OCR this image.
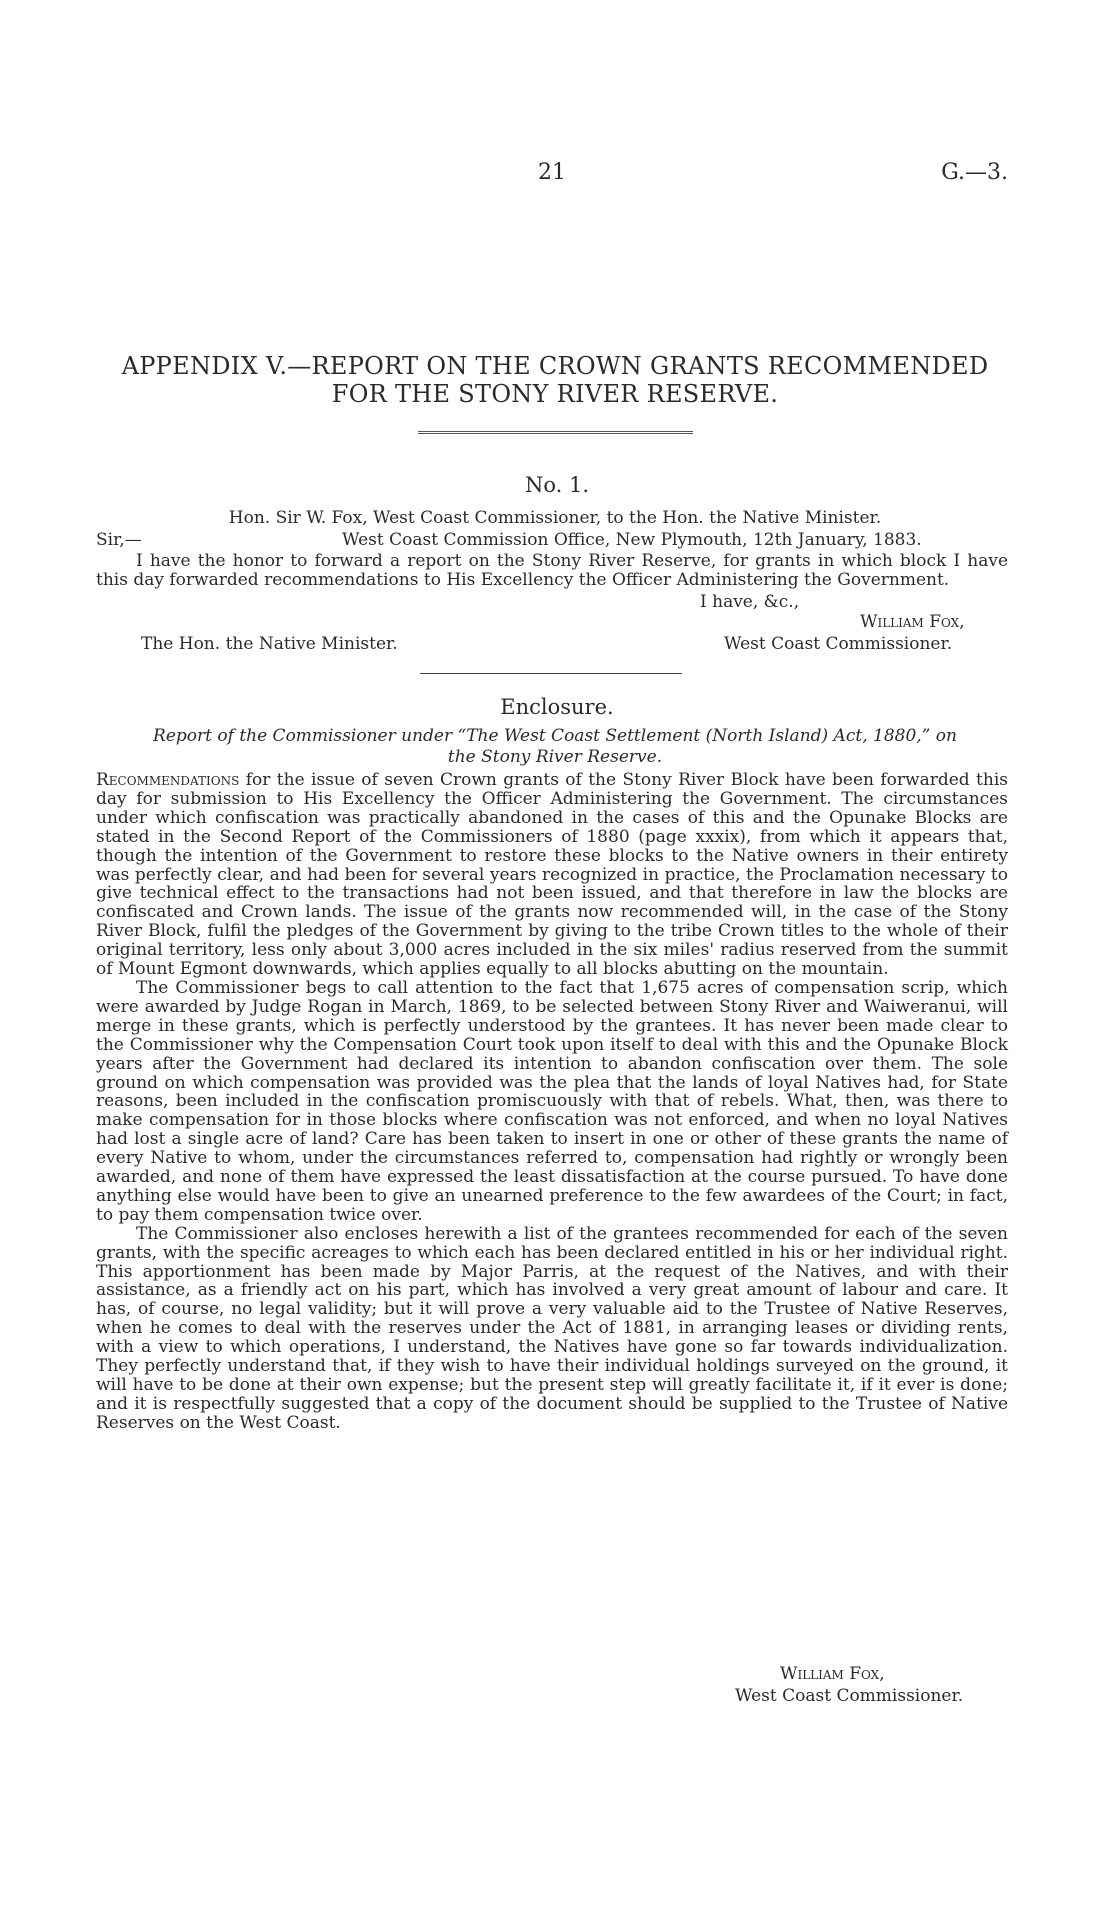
21	G.—3.
APPENDIX V.—REPORT ON THE CROWN GRANTS RECOMMENDED
FOR THE STONY RIVER RESERVE.
No. 1.
Hon. Sir W. Fox, West Coast Commissioner, to the Hon. the Native Minister.
Sir,—	West Coast Commission Office, New Plymouth, 12th January, 1883.

I have the honor to forward a report on the Stony River Reserve, for grants in which block I have this day forwarded recommendations to His Excellency the Officer Administering the Government.

I have, &c.,
William Fox,
The Hon. the Native Minister.	West Coast Commissioner.
Enclosure.
Report of the Commissioner under “The West Coast Settlement (North Island) Act, 1880,” on
the Stony River Reserve.

Recommendations for the issue of seven Crown grants of the Stony River Block have been forwarded this day for submission to His Excellency the Officer Administering the Government. The circumstances under which confiscation was practically abandoned in the cases of this and the Opunake Blocks are stated in the Second Report of the Commissioners of 1880 (page xxxix), from which it appears that, though the intention of the Government to restore these blocks to the Native owners in their entirety was perfectly clear, and had been for several years recognized in practice, the Proclamation necessary to give technical effect to the transactions had not been issued, and that therefore in law the blocks are confiscated and Crown lands. The issue of the grants now recommended will, in the case of the Stony River Block, fulfil the pledges of the Government by giving to the tribe Crown titles to the whole of their original territory, less only about 3,000 acres included in the six miles' radius reserved from the summit of Mount Egmont downwards, which applies equally to all blocks abutting on the mountain.

The Commissioner begs to call attention to the fact that 1,675 acres of compensation scrip, which were awarded by Judge Rogan in March, 1869, to be selected between Stony River and Waiweranui, will merge in these grants, which is perfectly understood by the grantees. It has never been made clear to the Commissioner why the Compensation Court took upon itself to deal with this and the Opunake Block years after the Government had declared its intention to abandon confiscation over them. The sole ground on which compensation was provided was the plea that the lands of loyal Natives had, for State reasons, been included in the confiscation promiscuously with that of rebels. What, then, was there to make compensation for in those blocks where confiscation was not enforced, and when no loyal Natives had lost a single acre of land? Care has been taken to insert in one or other of these grants the name of every Native to whom, under the circumstances referred to, compensation had rightly or wrongly been awarded, and none of them have expressed the least dissatisfaction at the course pursued. To have done anything else would have been to give an unearned preference to the few awardees of the Court; in fact, to pay them compensation twice over.

The Commissioner also encloses herewith a list of the grantees recommended for each of the seven grants, with the specific acreages to which each has been declared entitled in his or her individual right. This apportionment has been made by Major Parris, at the request of the Natives, and with their assistance, as a friendly act on his part, which has involved a very great amount of labour and care. It has, of course, no legal validity; but it will prove a very valuable aid to the Trustee of Native Reserves, when he comes to deal with the reserves under the Act of 1881, in arranging leases or dividing rents, with a view to which operations, I understand, the Natives have gone so far towards individualization. They perfectly understand that, if they wish to have their individual holdings surveyed on the ground, it will have to be done at their own expense; but the present step will greatly facilitate it, if it ever is done; and it is respectfully suggested that a copy of the document should be supplied to the Trustee of Native Reserves on the West Coast.

William Fox,
West Coast Commissioner.
